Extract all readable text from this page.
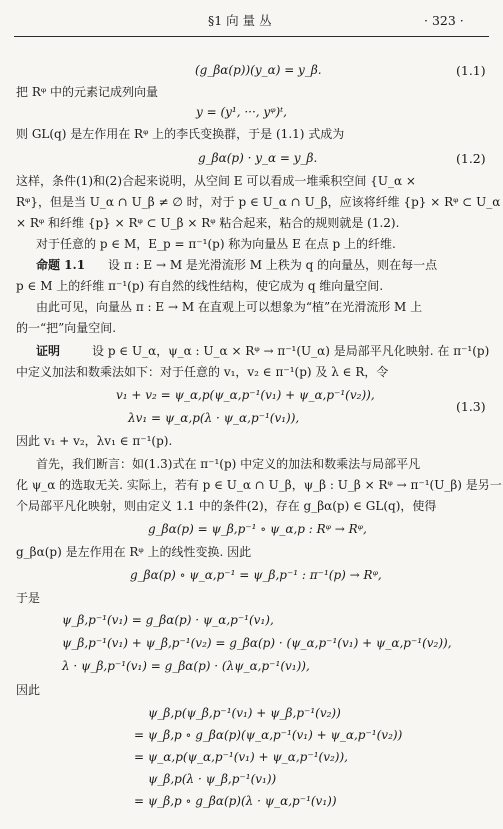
§1 向 量 丛	· 323 ·
(g_βα(p))(y_α) = y_β.	(1.1)
把 Rᵠ 中的元素记成列向量
y = (y¹, ···, yᵠ)ᵗ,
则 GL(q) 是左作用在 Rᵠ 上的李氏变换群，于是 (1.1) 式成为
g_βα(p) · y_α = y_β.	(1.2)
这样，条件(1)和(2)合起来说明，从空间 E 可以看成一堆乘积空间 {U_α ×
Rᵠ}，但是当 U_α ∩ U_β ≠ ∅ 时，对于 p ∈ U_α ∩ U_β，应该将纤维 {p} × Rᵠ ⊂ U_α
× Rᵠ 和纤维 {p} × Rᵠ ⊂ U_β × Rᵠ 粘合起来，粘合的规则就是 (1.2).
对于任意的 p ∈ M，E_p = π⁻¹(p) 称为向量丛 E 在点 p 上的纤维.
命题 1.1 设 π : E → M 是光滑流形 M 上秩为 q 的向量丛，则在每一点
p ∈ M 上的纤维 π⁻¹(p) 有自然的线性结构，使它成为 q 维向量空间.
由此可见，向量丛 π : E → M 在直观上可以想象为“植”在光滑流形 M 上
的一“把”向量空间.
证明	设 p ∈ U_α，ψ_α : U_α × Rᵠ → π⁻¹(U_α) 是局部平凡化映射. 在 π⁻¹(p)
中定义加法和数乘法如下：对于任意的 v₁，v₂ ∈ π⁻¹(p) 及 λ ∈ R，令
v₁ + v₂ = ψ_α,p(ψ_α,p⁻¹(v₁) + ψ_α,p⁻¹(v₂)),
λv₁ = ψ_α,p(λ · ψ_α,p⁻¹(v₁)),
(1.3)
因此 v₁ + v₂，λv₁ ∈ π⁻¹(p).
首先，我们断言：如(1.3)式在 π⁻¹(p) 中定义的加法和数乘法与局部平凡
化 ψ_α 的选取无关. 实际上，若有 p ∈ U_α ∩ U_β，ψ_β : U_β × Rᵠ → π⁻¹(U_β) 是另一
个局部平凡化映射，则由定义 1.1 中的条件(2)，存在 g_βα(p) ∈ GL(q)，使得
g_βα(p) = ψ_β,p⁻¹ ∘ ψ_α,p : Rᵠ → Rᵠ,
g_βα(p) 是左作用在 Rᵠ 上的线性变换. 因此
g_βα(p) ∘ ψ_α,p⁻¹ = ψ_β,p⁻¹ : π⁻¹(p) → Rᵠ,
于是
ψ_β,p⁻¹(v₁) = g_βα(p) · ψ_α,p⁻¹(v₁),
ψ_β,p⁻¹(v₁) + ψ_β,p⁻¹(v₂) = g_βα(p) · (ψ_α,p⁻¹(v₁) + ψ_α,p⁻¹(v₂)),
λ · ψ_β,p⁻¹(v₁) = g_βα(p) · (λψ_α,p⁻¹(v₁)),
因此
ψ_β,p(ψ_β,p⁻¹(v₁) + ψ_β,p⁻¹(v₂))
= ψ_β,p ∘ g_βα(p)(ψ_α,p⁻¹(v₁) + ψ_α,p⁻¹(v₂))
= ψ_α,p(ψ_α,p⁻¹(v₁) + ψ_α,p⁻¹(v₂)),
ψ_β,p(λ · ψ_β,p⁻¹(v₁))
= ψ_β,p ∘ g_βα(p)(λ · ψ_α,p⁻¹(v₁))
